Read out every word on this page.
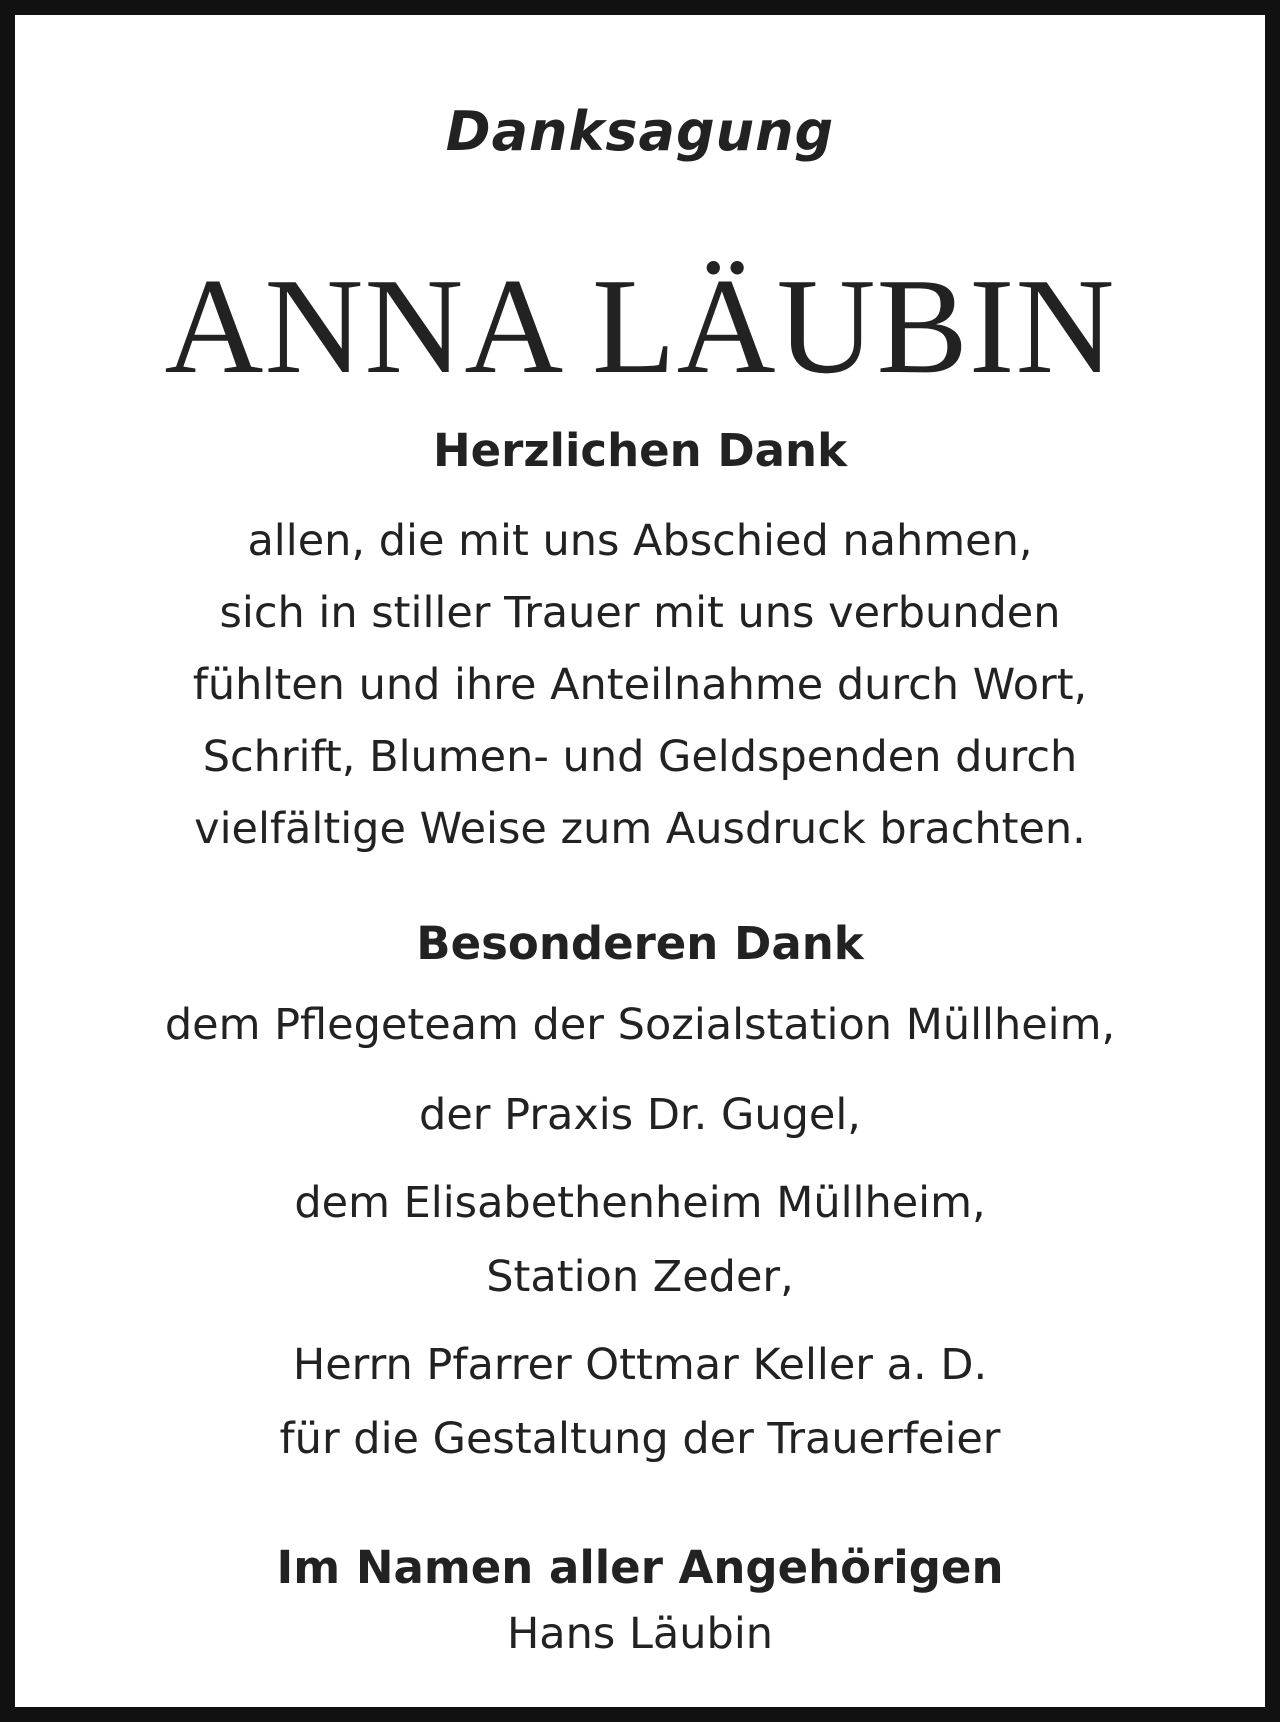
Danksagung
ANNA LÄUBIN
Herzlichen Dank

allen, die mit uns Abschied nahmen,

sich in stiller Trauer mit uns verbunden

fühlten und ihre Anteilnahme durch Wort,

Schrift, Blumen- und Geldspenden durch

vielfältige Weise zum Ausdruck brachten.

Besonderen Dank

dem Pflegeteam der Sozialstation Müllheim,

der Praxis Dr. Gugel,

dem Elisabethenheim Müllheim,

Station Zeder,

Herrn Pfarrer Ottmar Keller a. D.

für die Gestaltung der Trauerfeier

Im Namen aller Angehörigen

Hans Läubin
